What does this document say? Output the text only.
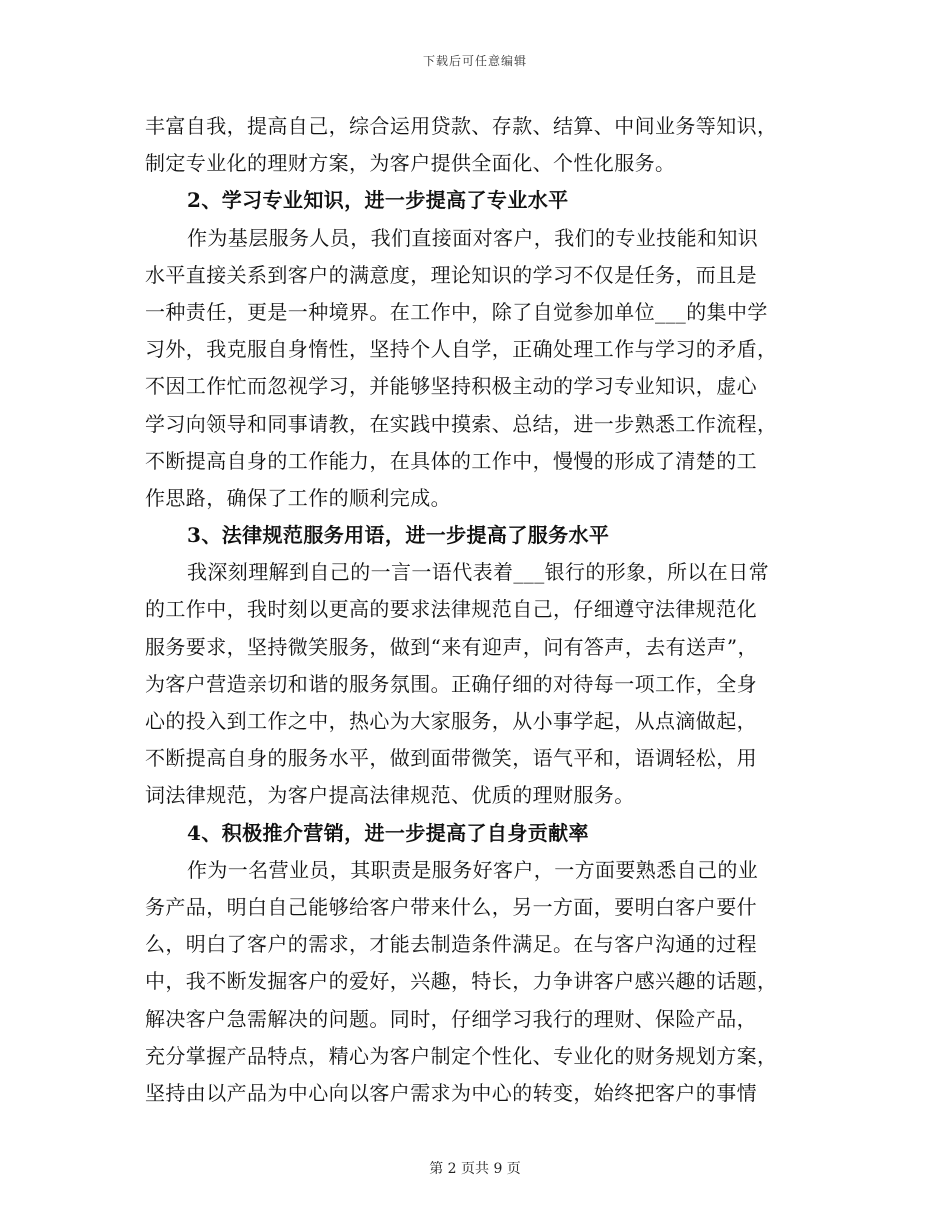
下载后可任意编辑
丰富自我，提高自己，综合运用贷款、存款、结算、中间业务等知识，
制定专业化的理财方案，为客户提供全面化、个性化服务。
2、学习专业知识，进一步提高了专业水平
作为基层服务人员，我们直接面对客户，我们的专业技能和知识
水平直接关系到客户的满意度，理论知识的学习不仅是任务，而且是
一种责任，更是一种境界。在工作中，除了自觉参加单位___的集中学
习外，我克服自身惰性，坚持个人自学，正确处理工作与学习的矛盾，
不因工作忙而忽视学习，并能够坚持积极主动的学习专业知识，虚心
学习向领导和同事请教，在实践中摸索、总结，进一步熟悉工作流程，
不断提高自身的工作能力，在具体的工作中，慢慢的形成了清楚的工
作思路，确保了工作的顺利完成。
3、法律规范服务用语，进一步提高了服务水平
我深刻理解到自己的一言一语代表着___银行的形象，所以在日常
的工作中，我时刻以更高的要求法律规范自己，仔细遵守法律规范化
服务要求，坚持微笑服务，做到“来有迎声，问有答声，去有送声”，
为客户营造亲切和谐的服务氛围。正确仔细的对待每一项工作，全身
心的投入到工作之中，热心为大家服务，从小事学起，从点滴做起，
不断提高自身的服务水平，做到面带微笑，语气平和，语调轻松，用
词法律规范，为客户提高法律规范、优质的理财服务。
4、积极推介营销，进一步提高了自身贡献率
作为一名营业员，其职责是服务好客户，一方面要熟悉自己的业
务产品，明白自己能够给客户带来什么，另一方面，要明白客户要什
么，明白了客户的需求，才能去制造条件满足。在与客户沟通的过程
中，我不断发掘客户的爱好，兴趣，特长，力争讲客户感兴趣的话题，
解决客户急需解决的问题。同时，仔细学习我行的理财、保险产品，
充分掌握产品特点，精心为客户制定个性化、专业化的财务规划方案，
坚持由以产品为中心向以客户需求为中心的转变，始终把客户的事情
第 2 页共 9 页
